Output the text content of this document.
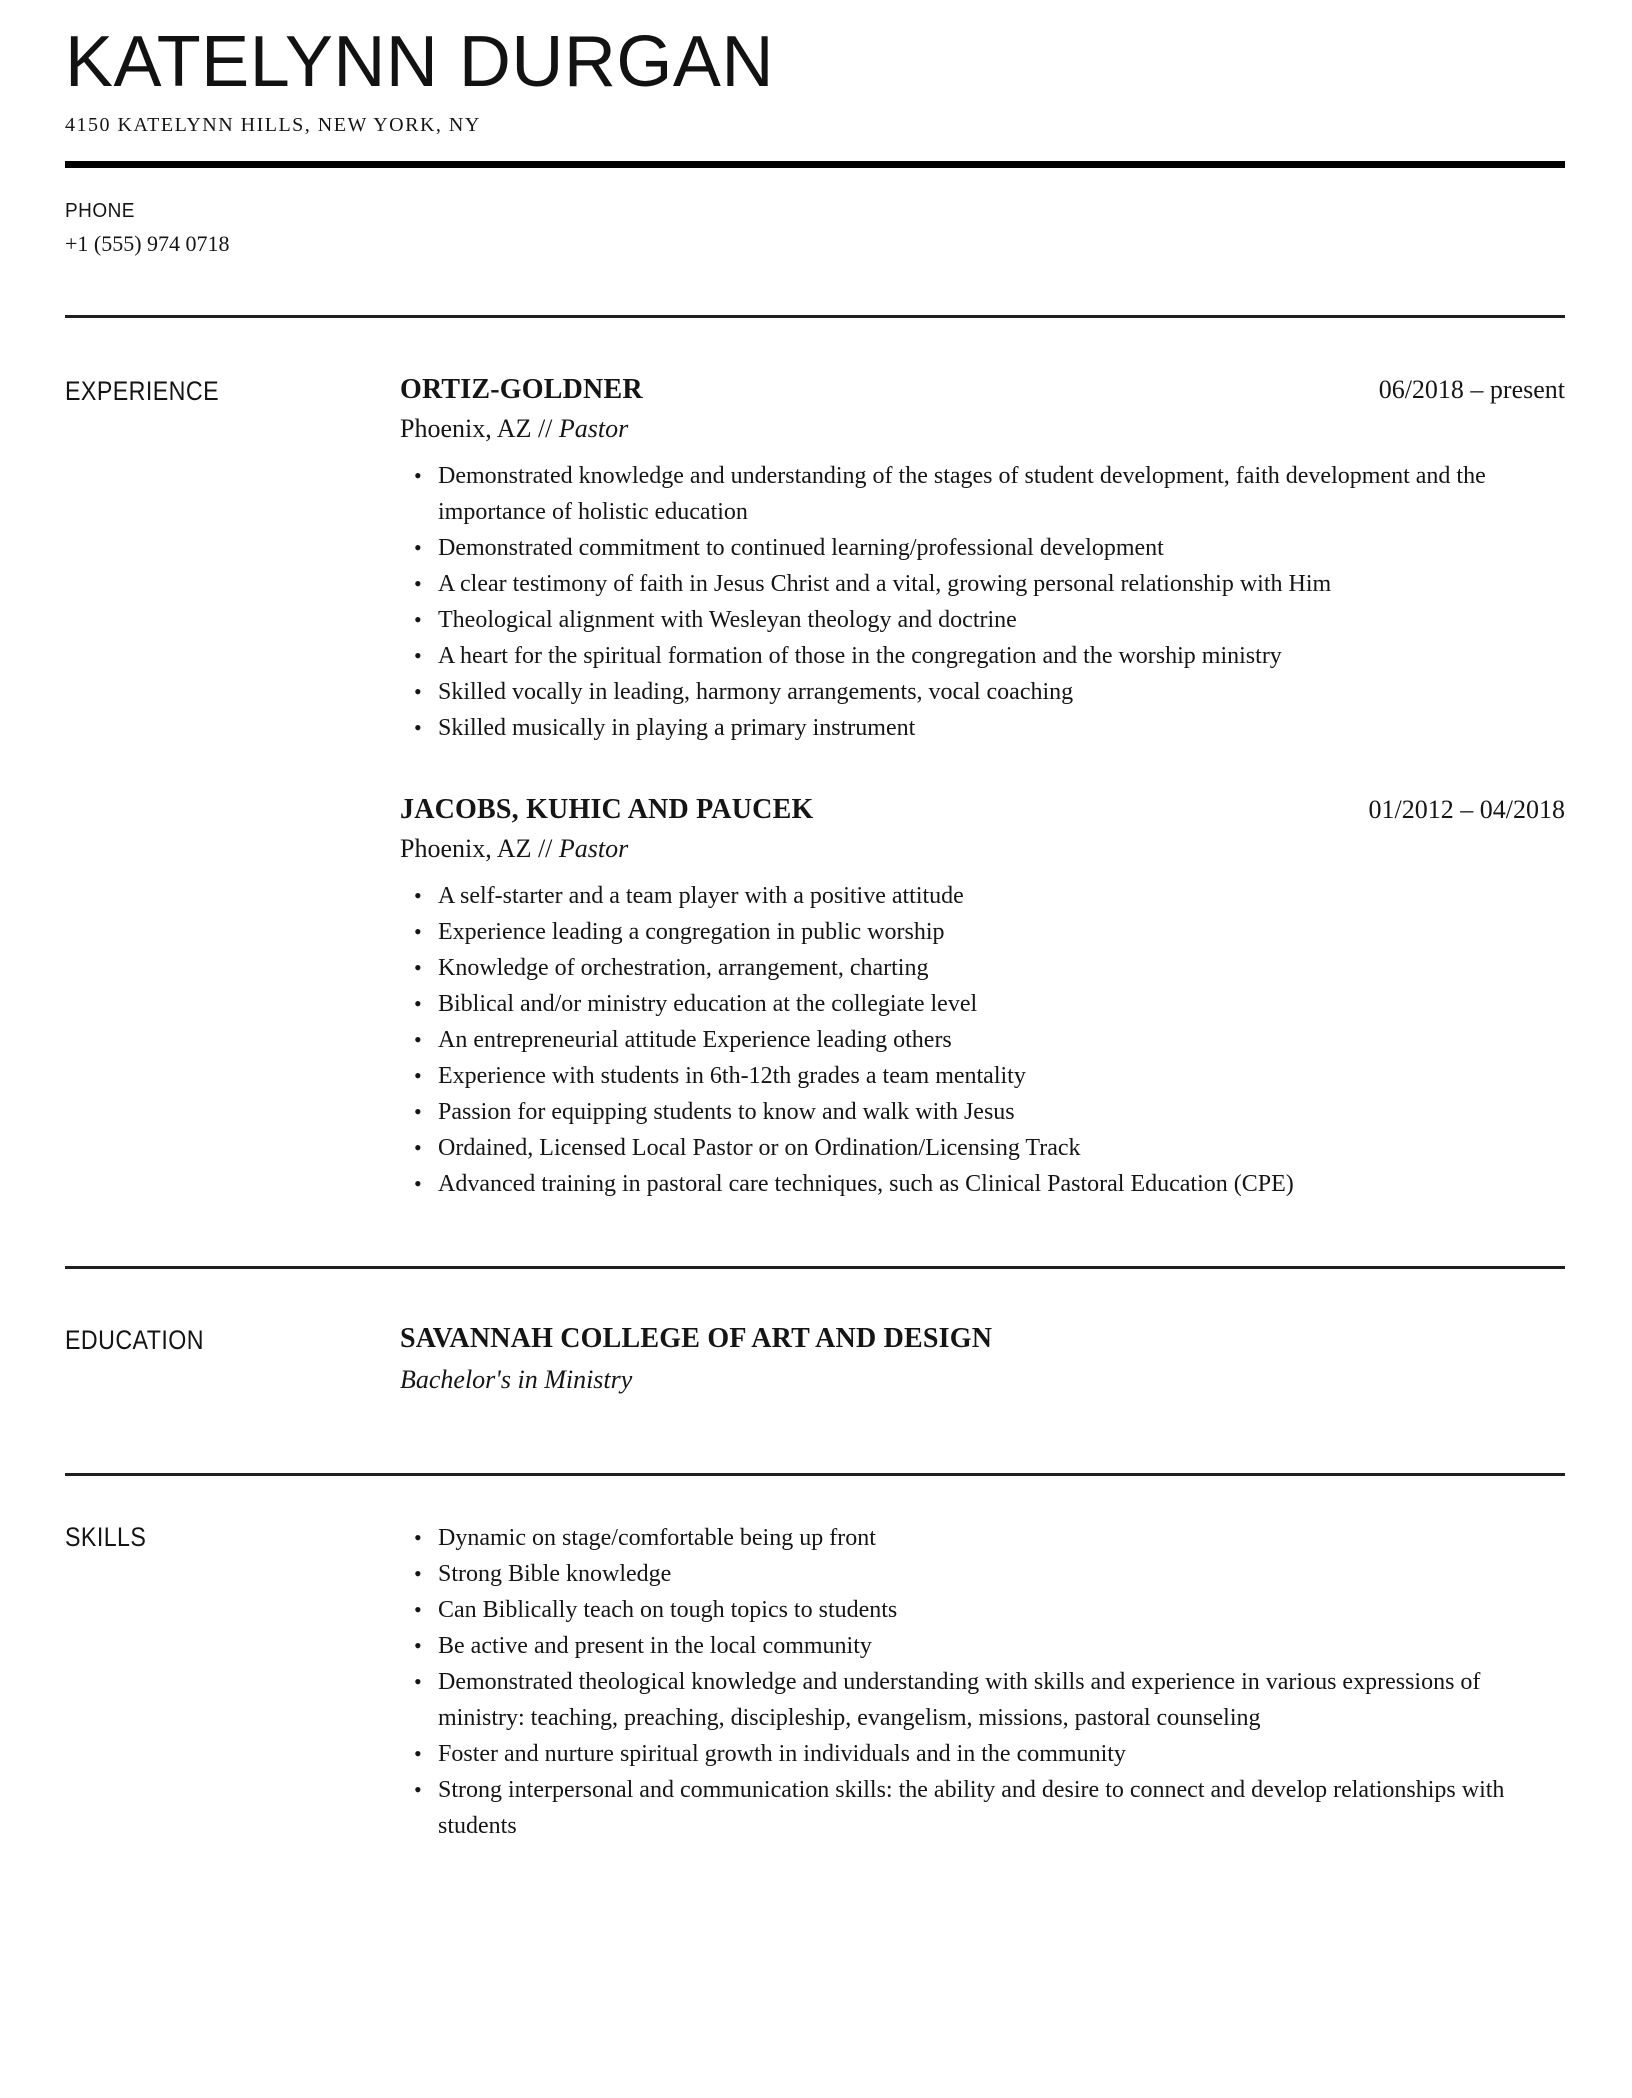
KATELYNN DURGAN
4150 KATELYNN HILLS, NEW YORK, NY
PHONE
+1 (555) 974 0718
EXPERIENCE	ORTIZ-GOLDNER	06/2018 – present
Phoenix, AZ // Pastor
• Demonstrated knowledge and understanding of the stages of student development, faith development and the importance of holistic education
• Demonstrated commitment to continued learning/professional development
• A clear testimony of faith in Jesus Christ and a vital, growing personal relationship with Him
• Theological alignment with Wesleyan theology and doctrine
• A heart for the spiritual formation of those in the congregation and the worship ministry
• Skilled vocally in leading, harmony arrangements, vocal coaching
• Skilled musically in playing a primary instrument
JACOBS, KUHIC AND PAUCEK	01/2012 – 04/2018
Phoenix, AZ // Pastor
• A self-starter and a team player with a positive attitude
• Experience leading a congregation in public worship
• Knowledge of orchestration, arrangement, charting
• Biblical and/or ministry education at the collegiate level
• An entrepreneurial attitude Experience leading others
• Experience with students in 6th-12th grades a team mentality
• Passion for equipping students to know and walk with Jesus
• Ordained, Licensed Local Pastor or on Ordination/Licensing Track
• Advanced training in pastoral care techniques, such as Clinical Pastoral Education (CPE)
EDUCATION	SAVANNAH COLLEGE OF ART AND DESIGN
Bachelor's in Ministry
SKILLS	• Dynamic on stage/comfortable being up front
• Strong Bible knowledge
• Can Biblically teach on tough topics to students
• Be active and present in the local community
• Demonstrated theological knowledge and understanding with skills and experience in various expressions of ministry: teaching, preaching, discipleship, evangelism, missions, pastoral counseling
• Foster and nurture spiritual growth in individuals and in the community
• Strong interpersonal and communication skills: the ability and desire to connect and develop relationships with students
